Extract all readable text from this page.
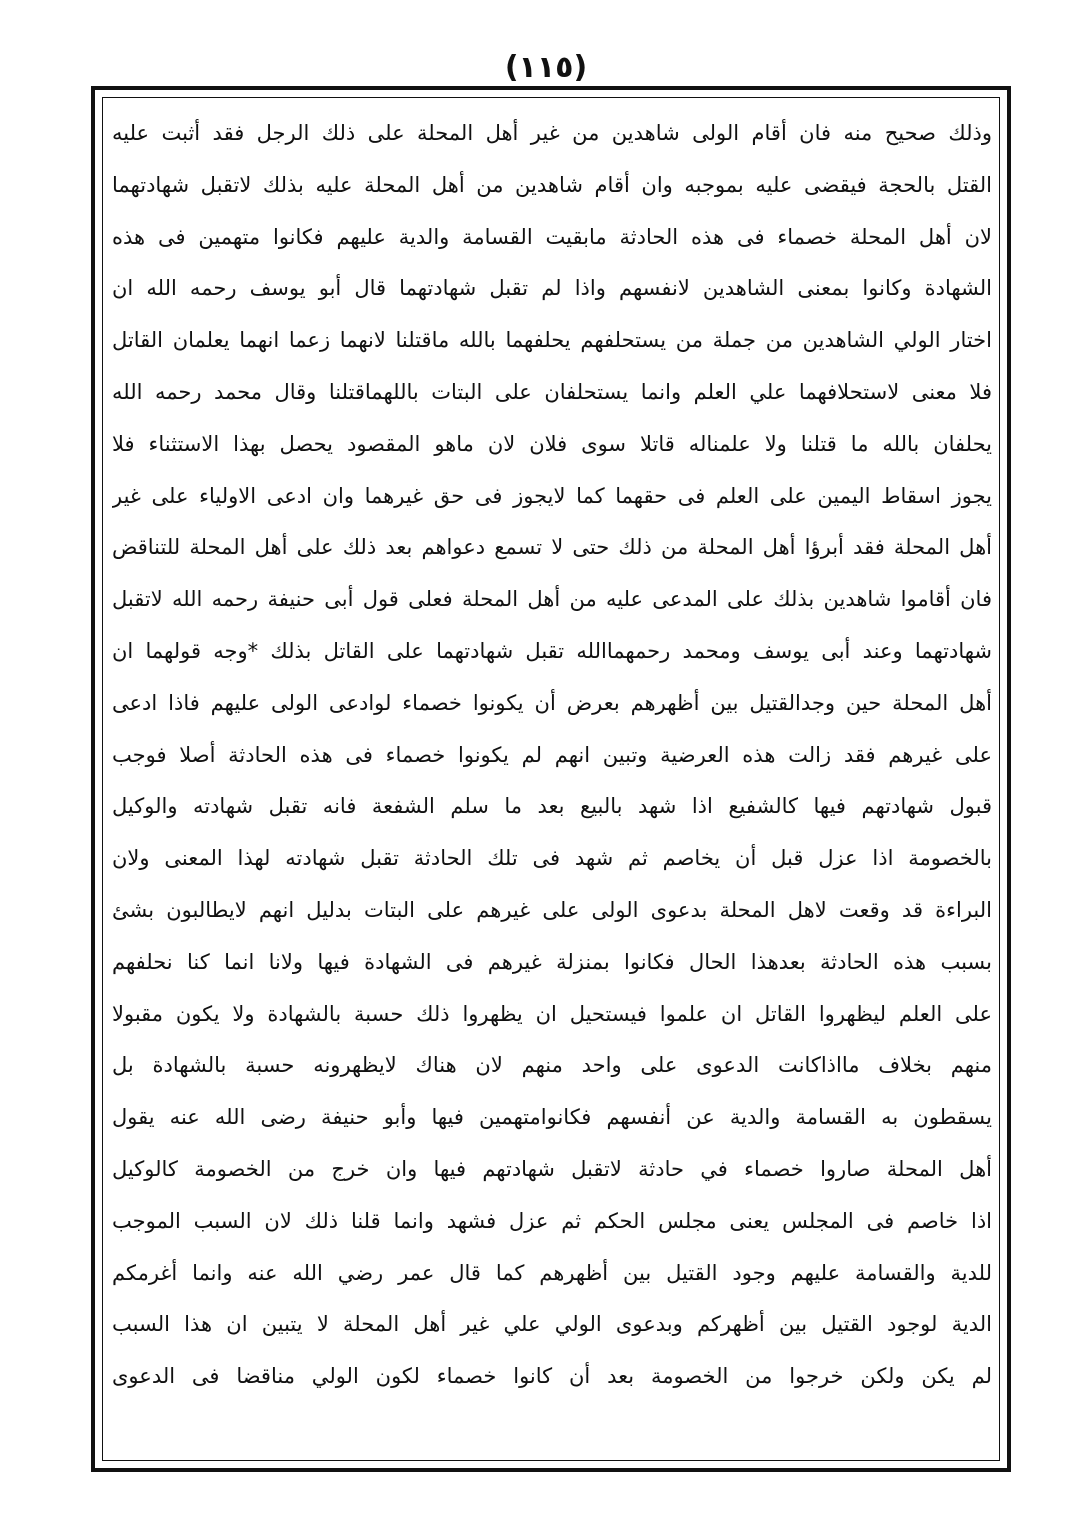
(١١٥)
وذلك صحيح منه فان أقام الولى شاهدين من غير أهل المحلة على ذلك الرجل فقد أثبت عليه
القتل بالحجة فيقضى عليه بموجبه وان أقام شاهدين من أهل المحلة عليه بذلك لاتقبل شهادتهما
لان أهل المحلة خصماء فى هذه الحادثة مابقيت القسامة والدية عليهم فكانوا متهمين فى هذه
الشهادة وكانوا بمعنى الشاهدين لانفسهم واذا لم تقبل شهادتهما قال أبو يوسف رحمه الله ان
اختار الولي الشاهدين من جملة من يستحلفهم يحلفهما بالله ماقتلنا لانهما زعما انهما يعلمان القاتل
فلا معنى لاستحلافهما علي العلم وانما يستحلفان على البتات باللهماقتلنا وقال محمد رحمه الله
يحلفان بالله ما قتلنا ولا علمناله قاتلا سوى فلان لان ماهو المقصود يحصل بهذا الاستثناء فلا
يجوز اسقاط اليمين على العلم فى حقهما كما لايجوز فى حق غيرهما وان ادعى الاولياء على غير
أهل المحلة فقد أبرؤا أهل المحلة من ذلك حتى لا تسمع دعواهم بعد ذلك على أهل المحلة للتناقض
فان أقاموا شاهدين بذلك على المدعى عليه من أهل المحلة فعلى قول أبى حنيفة رحمه الله لاتقبل
شهادتهما وعند أبى يوسف ومحمد رحمهماالله تقبل شهادتهما على القاتل بذلك *وجه قولهما ان
أهل المحلة حين وجدالقتيل بين أظهرهم بعرض أن يكونوا خصماء لوادعى الولى عليهم فاذا ادعى
على غيرهم فقد زالت هذه العرضية وتبين انهم لم يكونوا خصماء فى هذه الحادثة أصلا فوجب
قبول شهادتهم فيها كالشفيع اذا شهد بالبيع بعد ما سلم الشفعة فانه تقبل شهادته والوكيل
بالخصومة اذا عزل قبل أن يخاصم ثم شهد فى تلك الحادثة تقبل شهادته لهذا المعنى ولان
البراءة قد وقعت لاهل المحلة بدعوى الولى على غيرهم على البتات بدليل انهم لايطالبون بشئ
بسبب هذه الحادثة بعدهذا الحال فكانوا بمنزلة غيرهم فى الشهادة فيها ولانا انما كنا نحلفهم
على العلم ليظهروا القاتل ان علموا فيستحيل ان يظهروا ذلك حسبة بالشهادة ولا يكون مقبولا
منهم بخلاف مااذاكانت الدعوى على واحد منهم لان هناك لايظهرونه حسبة بالشهادة بل
يسقطون به القسامة والدية عن أنفسهم فكانوامتهمين فيها وأبو حنيفة رضى الله عنه يقول
أهل المحلة صاروا خصماء في حادثة لاتقبل شهادتهم فيها وان خرج من الخصومة كالوكيل
اذا خاصم فى المجلس يعنى مجلس الحكم ثم عزل فشهد وانما قلنا ذلك لان السبب الموجب
للدية والقسامة عليهم وجود القتيل بين أظهرهم كما قال عمر رضي الله عنه وانما أغرمكم
الدية لوجود القتيل بين أظهركم وبدعوى الولي علي غير أهل المحلة لا يتبين ان هذا السبب
لم يكن ولكن خرجوا من الخصومة بعد أن كانوا خصماء لكون الولي مناقضا فى الدعوى
